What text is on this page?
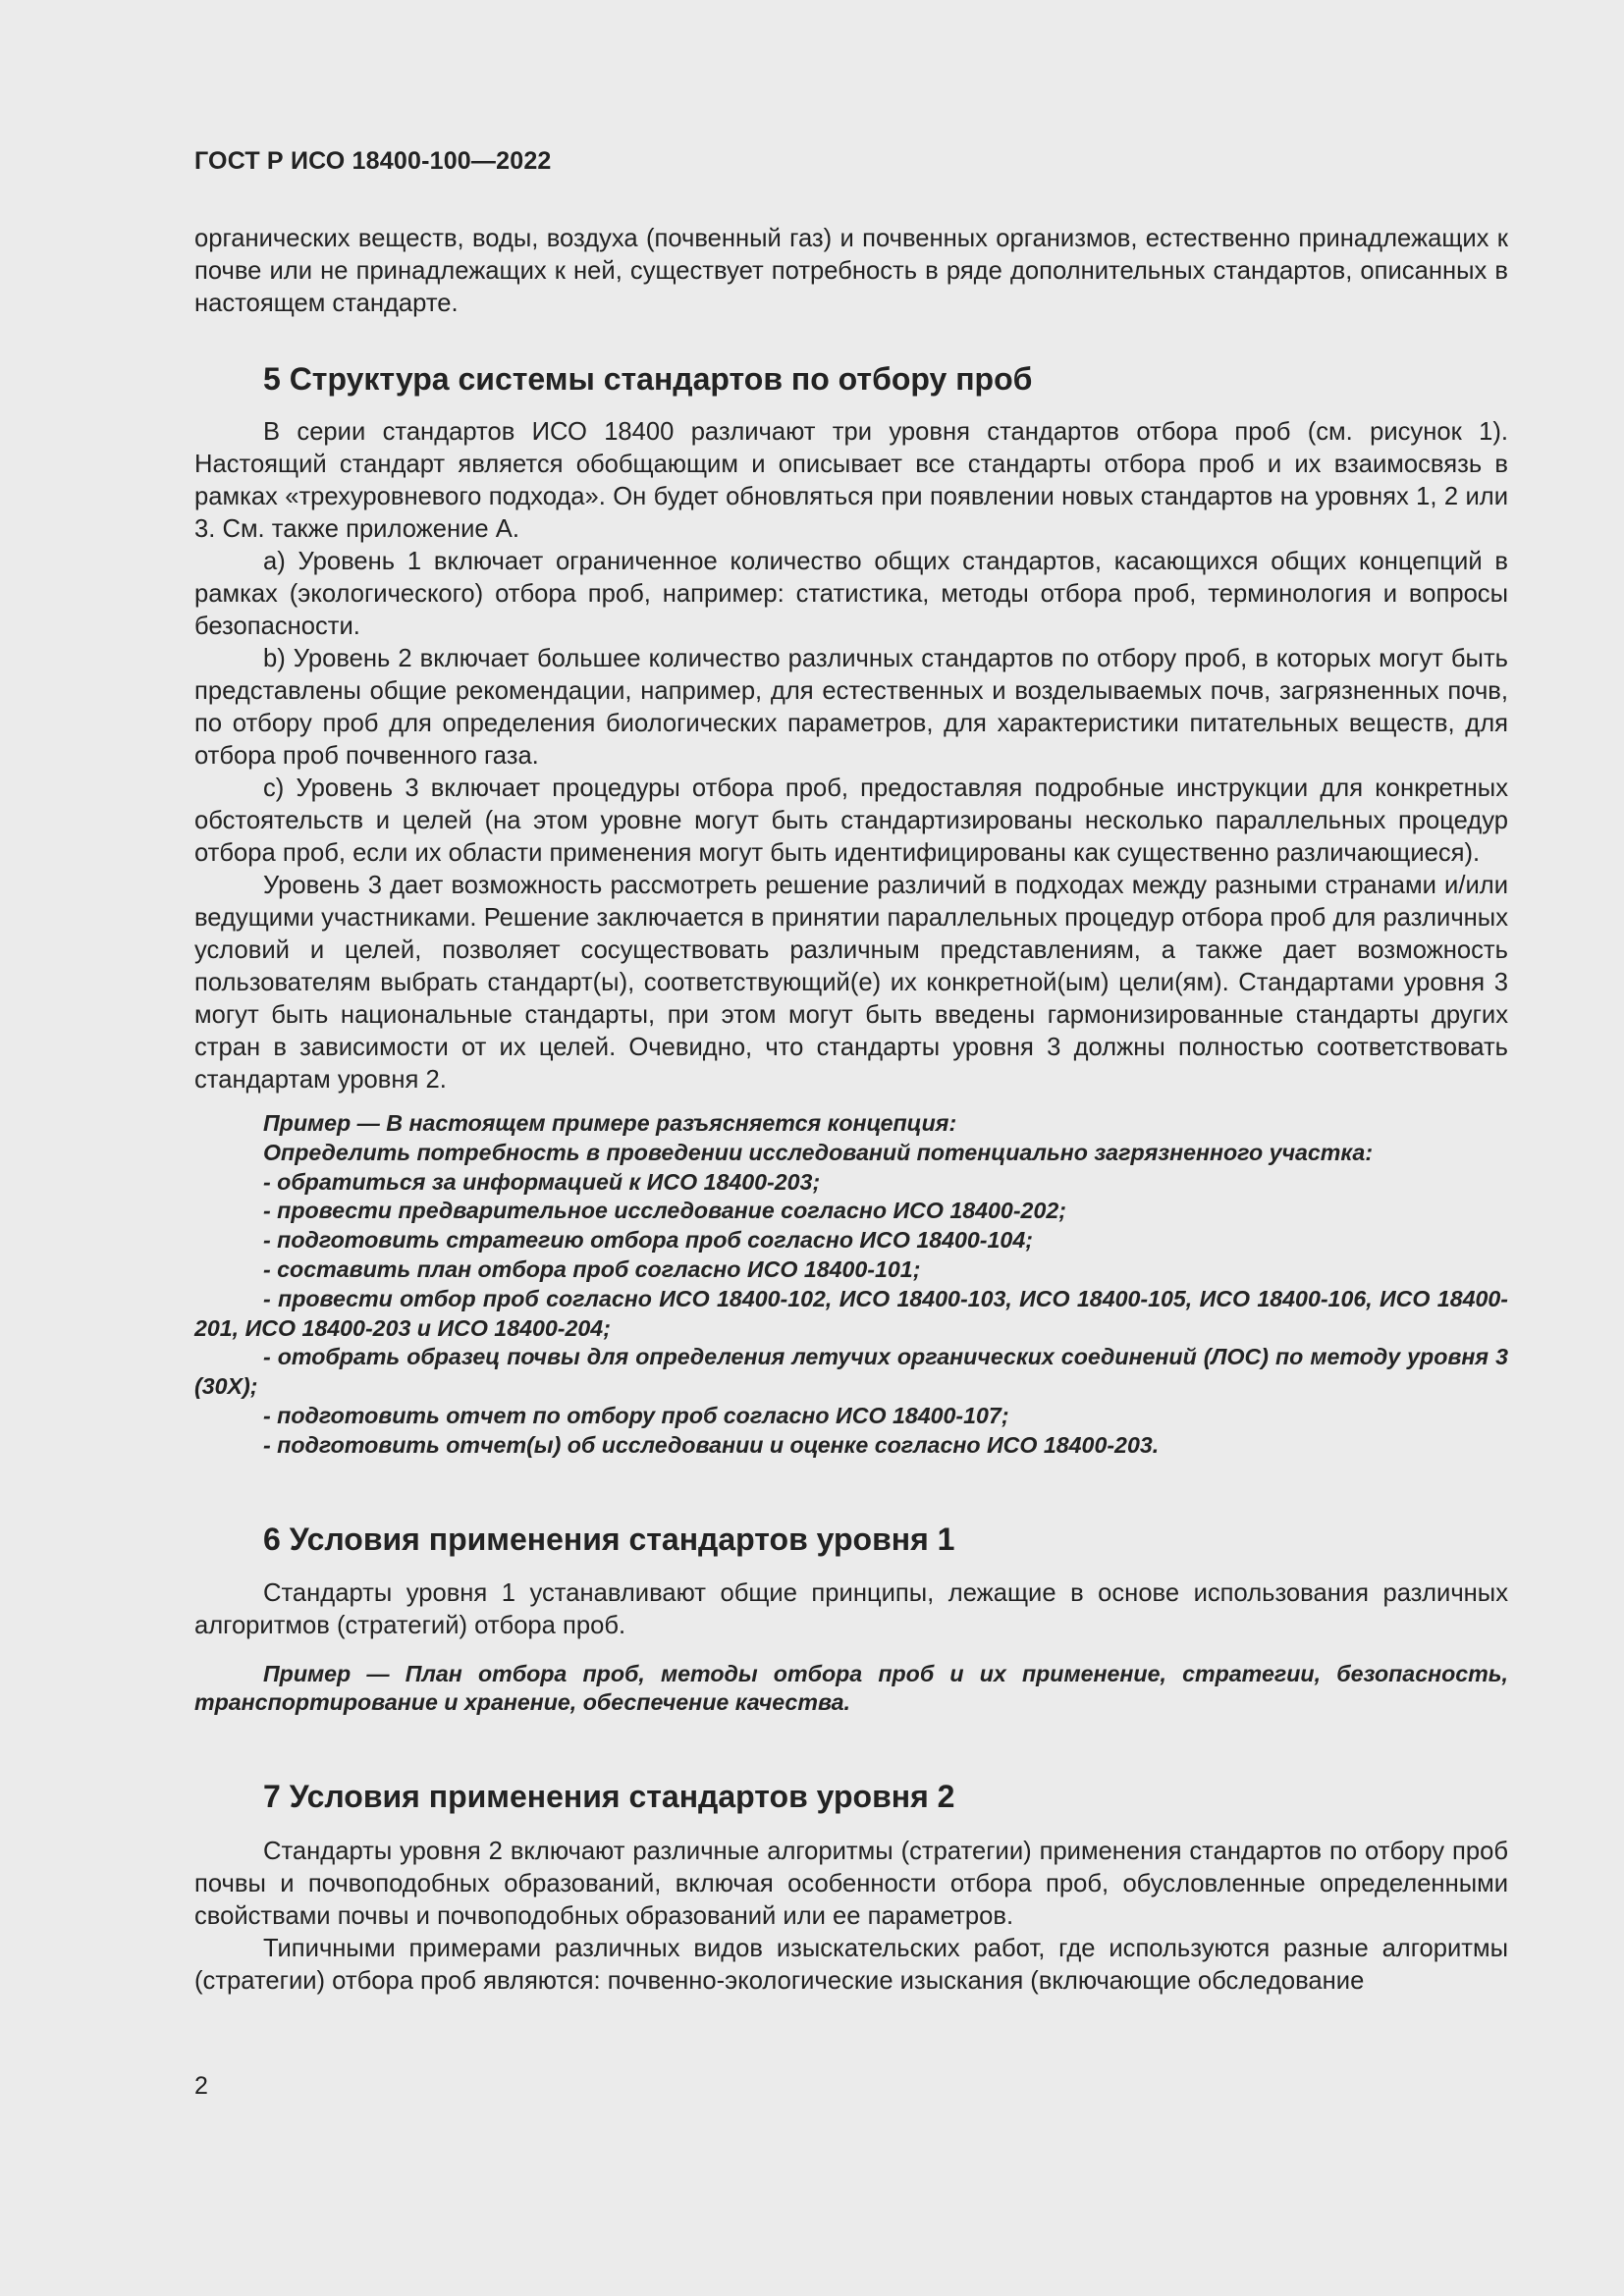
ГОСТ Р ИСО 18400-100—2022

органических веществ, воды, воздуха (почвенный газ) и почвенных организмов, естественно принадлежащих к почве или не принадлежащих к ней, существует потребность в ряде дополнительных стандартов, описанных в настоящем стандарте.

5 Структура системы стандартов по отбору проб

В серии стандартов ИСО 18400 различают три уровня стандартов отбора проб (см. рисунок 1). Настоящий стандарт является обобщающим и описывает все стандарты отбора проб и их взаимосвязь в рамках «трехуровневого подхода». Он будет обновляться при появлении новых стандартов на уровнях 1, 2 или 3. См. также приложение А.

а) Уровень 1 включает ограниченное количество общих стандартов, касающихся общих концепций в рамках (экологического) отбора проб, например: статистика, методы отбора проб, терминология и вопросы безопасности.

b) Уровень 2 включает большее количество различных стандартов по отбору проб, в которых могут быть представлены общие рекомендации, например, для естественных и возделываемых почв, загрязненных почв, по отбору проб для определения биологических параметров, для характеристики питательных веществ, для отбора проб почвенного газа.

c) Уровень 3 включает процедуры отбора проб, предоставляя подробные инструкции для конкретных обстоятельств и целей (на этом уровне могут быть стандартизированы несколько параллельных процедур отбора проб, если их области применения могут быть идентифицированы как существенно различающиеся).

Уровень 3 дает возможность рассмотреть решение различий в подходах между разными странами и/или ведущими участниками. Решение заключается в принятии параллельных процедур отбора проб для различных условий и целей, позволяет сосуществовать различным представлениям, а также дает возможность пользователям выбрать стандарт(ы), соответствующий(е) их конкретной(ым) цели(ям). Стандартами уровня 3 могут быть национальные стандарты, при этом могут быть введены гармонизированные стандарты других стран в зависимости от их целей. Очевидно, что стандарты уровня 3 должны полностью соответствовать стандартам уровня 2.

Пример — В настоящем примере разъясняется концепция:

Определить потребность в проведении исследований потенциально загрязненного участка:

- обратиться за информацией к ИСО 18400-203;

- провести предварительное исследование согласно ИСО 18400-202;

- подготовить стратегию отбора проб согласно ИСО 18400-104;

- составить план отбора проб согласно ИСО 18400-101;

- провести отбор проб согласно ИСО 18400-102, ИСО 18400-103, ИСО 18400-105, ИСО 18400-106, ИСО 18400-201, ИСО 18400-203 и ИСО 18400-204;

- отобрать образец почвы для определения летучих органических соединений (ЛОС) по методу уровня 3 (30Х);

- подготовить отчет по отбору проб согласно ИСО 18400-107;

- подготовить отчет(ы) об исследовании и оценке согласно ИСО 18400-203.

6 Условия применения стандартов уровня 1

Стандарты уровня 1 устанавливают общие принципы, лежащие в основе использования различных алгоритмов (стратегий) отбора проб.

Пример — План отбора проб, методы отбора проб и их применение, стратегии, безопасность, транспортирование и хранение, обеспечение качества.

7 Условия применения стандартов уровня 2

Стандарты уровня 2 включают различные алгоритмы (стратегии) применения стандартов по отбору проб почвы и почвоподобных образований, включая особенности отбора проб, обусловленные определенными свойствами почвы и почвоподобных образований или ее параметров.

Типичными примерами различных видов изыскательских работ, где используются разные алгоритмы (стратегии) отбора проб являются: почвенно-экологические изыскания (включающие обследование

2
